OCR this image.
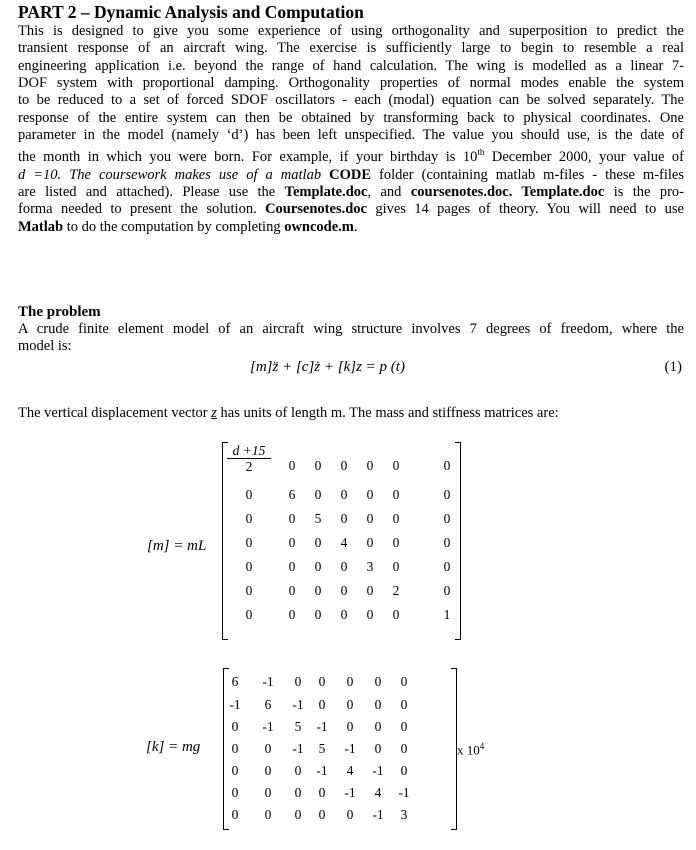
PART 2 – Dynamic Analysis and Computation
This is designed to give you some experience of using orthogonality and superposition to predict the
transient response of an aircraft wing. The exercise is sufficiently large to begin to resemble a real
engineering application i.e. beyond the range of hand calculation. The wing is modelled as a linear 7-
DOF system with proportional damping. Orthogonality properties of normal modes enable the system
to be reduced to a set of forced SDOF oscillators - each (modal) equation can be solved separately. The
response of the entire system can then be obtained by transforming back to physical coordinates. One
parameter in the model (namely ‘d’) has been left unspecified. The value you should use, is the date of
the month in which you were born. For example, if your birthday is 10th December 2000, your value of
d =10. The coursework makes use of a matlab CODE folder (containing matlab m-files - these m-files
are listed and attached). Please use the Template.doc, and coursenotes.doc. Template.doc is the pro-
forma needed to present the solution. Coursenotes.doc gives 14 pages of theory. You will need to use
Matlab to do the computation by completing owncode.m.
The problem
A crude finite element model of an aircraft wing structure involves 7 degrees of freedom, where the
model is:
[m]z̈ + [c]ż + [k]z = p (t)	(1)
The vertical displacement vector z has units of length m. The mass and stiffness matrices are:
[m] = mL
$\frac{d +15}{2}$	0	0	0	0	0	0
0	6	0	0	0	0	0
0	0	5	0	0	0	0
0	0	0	4	0	0	0
0	0	0	0	3	0	0
0	0	0	0	0	2	0
0	0	0	0	0	0	1
[k] = mg	x $10^4$
6	-1	0	0	0	0	0
-1	6	-1	0	0	0	0
0	-1	5	-1	0	0	0
0	0	-1	5	-1	0	0
0	0	0	-1	4	-1	0
0	0	0	0	-1	4	-1
0	0	0	0	0	-1	3
